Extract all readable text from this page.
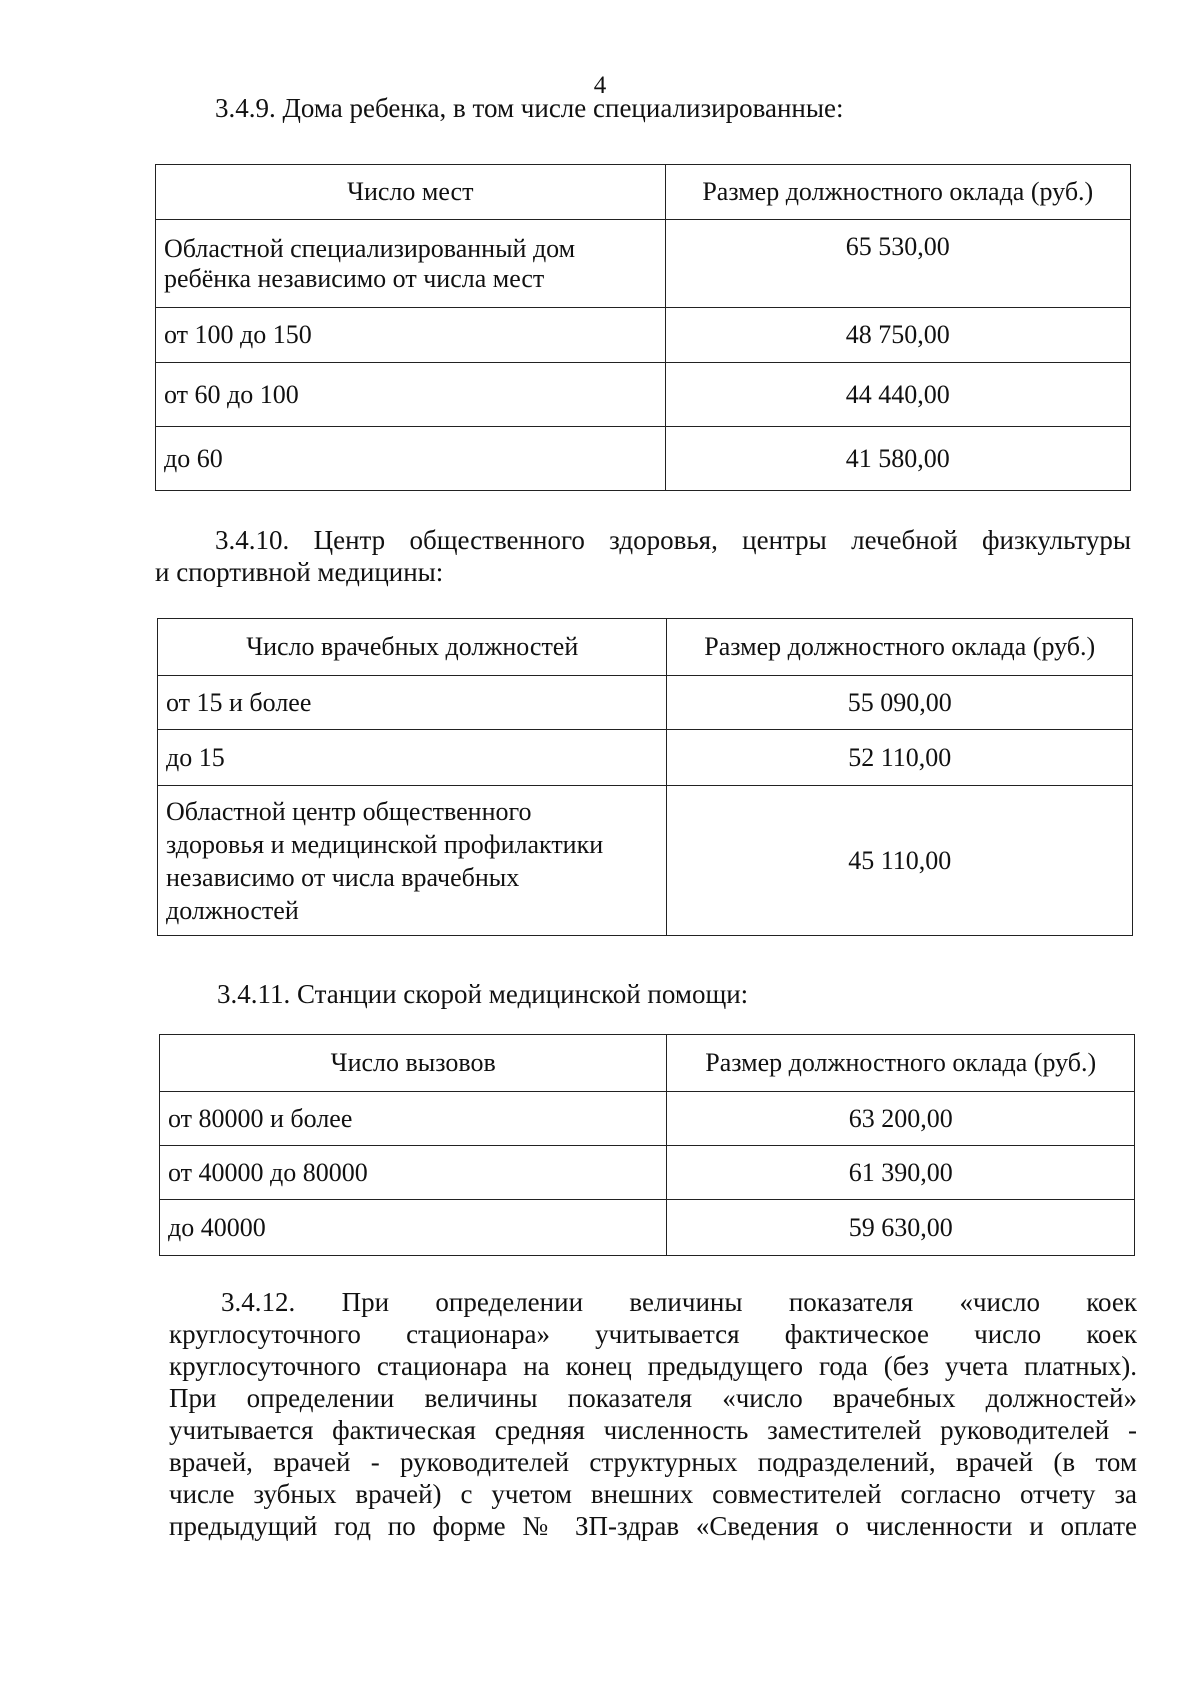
4
3.4.9. Дома ребенка, в том числе специализированные:
Число мест	Размер должностного оклада (руб.)

Областной специализированный дом
ребёнка независимо от числа мест	65 530,00
от 100 до 150	48 750,00
от 60 до 100	44 440,00
до 60	41 580,00
3.4.10. Центр общественного здоровья, центры лечебной физкультуры
и спортивной медицины:
Число врачебных должностей	Размер должностного оклада (руб.)
от 15 и более	55 090,00
до 15	52 110,00

Областной центр общественного
здоровья и медицинской профилактики
независимо от числа врачебных
должностей	45 110,00
3.4.11. Станции скорой медицинской помощи:
Число вызовов	Размер должностного оклада (руб.)
от 80000 и более	63 200,00
от 40000 до 80000	61 390,00
до 40000	59 630,00
3.4.12. При определении величины показателя «число коек
круглосуточного стационара» учитывается фактическое число коек
круглосуточного стационара на конец предыдущего года (без учета платных).
При определении величины показателя «число врачебных должностей»
учитывается фактическая средняя численность заместителей руководителей -
врачей, врачей - руководителей структурных подразделений, врачей (в том
числе зубных врачей) с учетом внешних совместителей согласно отчету за
предыдущий год по форме № ЗП-здрав «Сведения о численности и оплате
